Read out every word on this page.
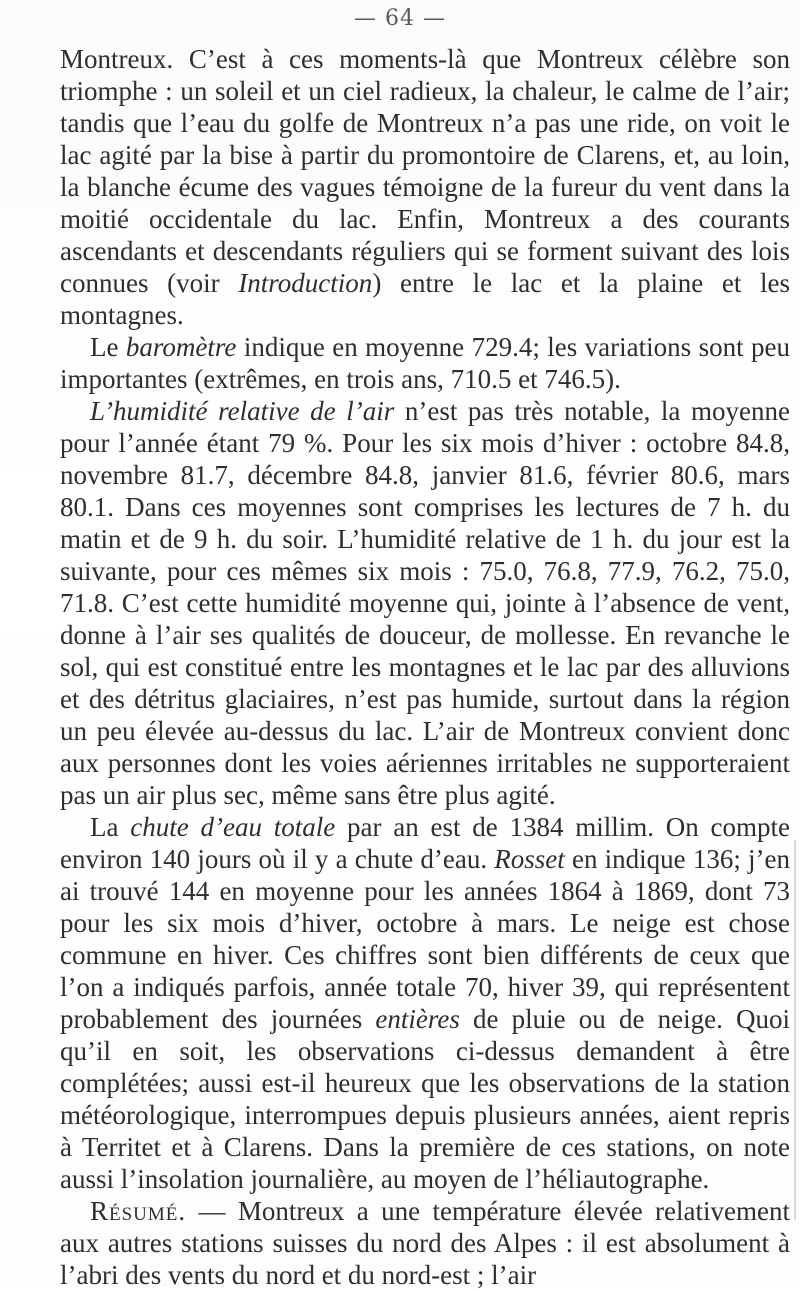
— 64 —

Montreux. C’est à ces moments-là que Montreux célèbre son triomphe : un soleil et un ciel radieux, la chaleur, le calme de l’air; tandis que l’eau du golfe de Montreux n’a pas une ride, on voit le lac agité par la bise à partir du promontoire de Clarens, et, au loin, la blanche écume des vagues témoigne de la fureur du vent dans la moitié occidentale du lac. Enfin, Montreux a des courants ascendants et descendants réguliers qui se forment suivant des lois connues (voir Introduction) entre le lac et la plaine et les montagnes.

Le baromètre indique en moyenne 729.4; les variations sont peu importantes (extrêmes, en trois ans, 710.5 et 746.5).

L’humidité relative de l’air n’est pas très notable, la moyenne pour l’année étant 79 %. Pour les six mois d’hiver : octobre 84.8, novembre 81.7, décembre 84.8, janvier 81.6, février 80.6, mars 80.1. Dans ces moyennes sont comprises les lectures de 7 h. du matin et de 9 h. du soir. L’humidité relative de 1 h. du jour est la suivante, pour ces mêmes six mois : 75.0, 76.8, 77.9, 76.2, 75.0, 71.8. C’est cette humidité moyenne qui, jointe à l’absence de vent, donne à l’air ses qualités de douceur, de mollesse. En revanche le sol, qui est constitué entre les montagnes et le lac par des alluvions et des détritus glaciaires, n’est pas humide, surtout dans la région un peu élevée au-dessus du lac. L’air de Montreux convient donc aux personnes dont les voies aériennes irritables ne supporteraient pas un air plus sec, même sans être plus agité.

La chute d’eau totale par an est de 1384 millim. On compte environ 140 jours où il y a chute d’eau. Rosset en indique 136; j’en ai trouvé 144 en moyenne pour les années 1864 à 1869, dont 73 pour les six mois d’hiver, octobre à mars. Le neige est chose commune en hiver. Ces chiffres sont bien différents de ceux que l’on a indiqués parfois, année totale 70, hiver 39, qui représentent probablement des journées entières de pluie ou de neige. Quoi qu’il en soit, les observations ci-dessus demandent à être complétées; aussi est-il heureux que les observations de la station météorologique, interrompues depuis plusieurs années, aient repris à Territet et à Clarens. Dans la première de ces stations, on note aussi l’insolation journalière, au moyen de l’héliautographe.

Résumé. — Montreux a une température élevée relativement aux autres stations suisses du nord des Alpes : il est absolument à l’abri des vents du nord et du nord-est ; l’air
